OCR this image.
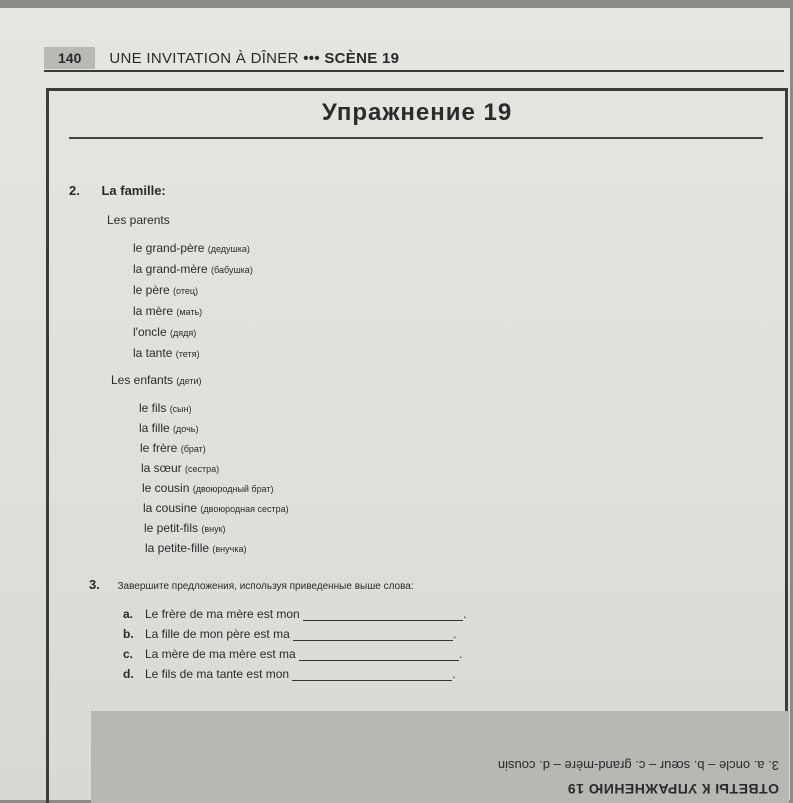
140	UNE INVITATION À DÎNER ••• SCÈNE 19
Упражнение 19
2. La famille:
Les parents
le grand-père (дедушка)
la grand-mère (бабушка)
le père (отец)
la mère (мать)
l'oncle (дядя)
la tante (тетя)
Les enfants (дети)
le fils (сын)
la fille (дочь)
le frère (брат)
la sœur (сестра)
le cousin (двоюродный брат)
la cousine (двоюродная сестра)
le petit-fils (внук)
la petite-fille (внучка)
3. Завершите предложения, используя приведенные выше слова:
a. Le frère de ma mère est mon	.
b. La fille de mon père est ma	.
c. La mère de ma mère est ma	.
d. Le fils de ma tante est mon	.
ОТВЕТЫ К УПРАЖНЕНИЮ 19
3. a. oncle – b. sœur – c. grand-mère – d. cousin
